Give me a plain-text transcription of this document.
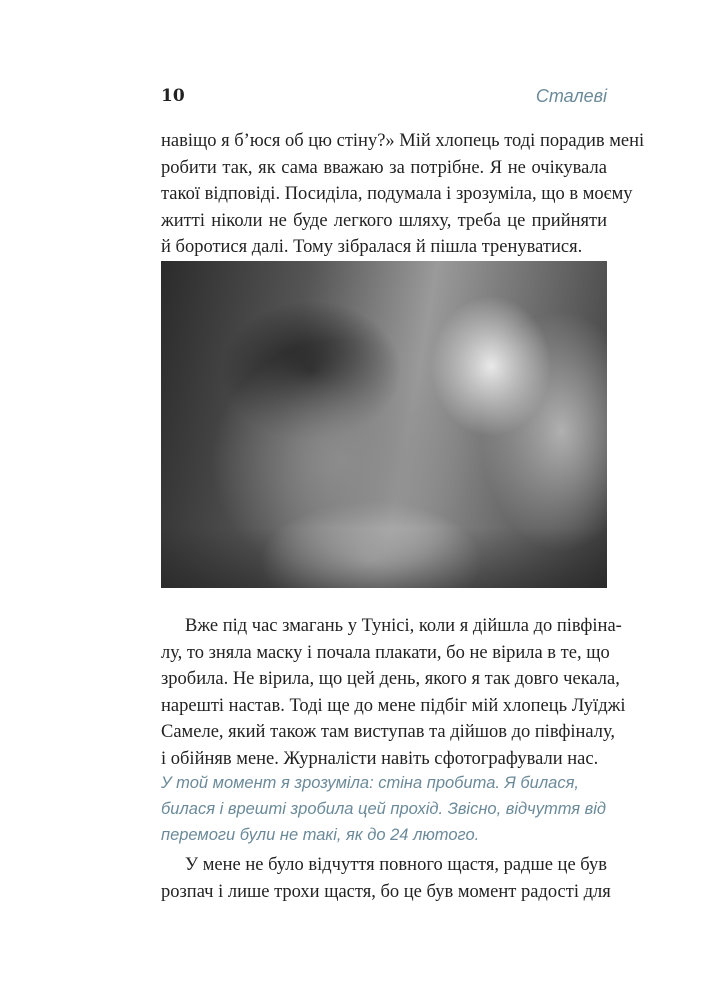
10	Сталеві

навіщо я б’юся об цю стіну?» Мій хлопець тоді порадив мені
робити так, як сама вважаю за потрібне. Я не очікувала
такої відповіді. Посиділа, подумала і зрозуміла, що в моєму
житті ніколи не буде легкого шляху, треба це прийняти
й боротися далі. Тому зібралася й пішла тренуватися.

Вже під час змагань у Тунісі, коли я дійшла до півфіна-
лу, то зняла маску і почала плакати, бо не вірила в те, що
зробила. Не вірила, що цей день, якого я так довго чекала,
нарешті настав. Тоді ще до мене підбіг мій хлопець Луїджі
Самеле, який також там виступав та дійшов до півфіналу,
і обійняв мене. Журналісти навіть сфотографували нас.

У той момент я зрозуміла: стіна пробита. Я билася,
билася і врешті зробила цей прохід. Звісно, відчуття від
перемоги були не такі, як до 24 лютого.

У мене не було відчуття повного щастя, радше це був
розпач і лише трохи щастя, бо це був момент радості для
